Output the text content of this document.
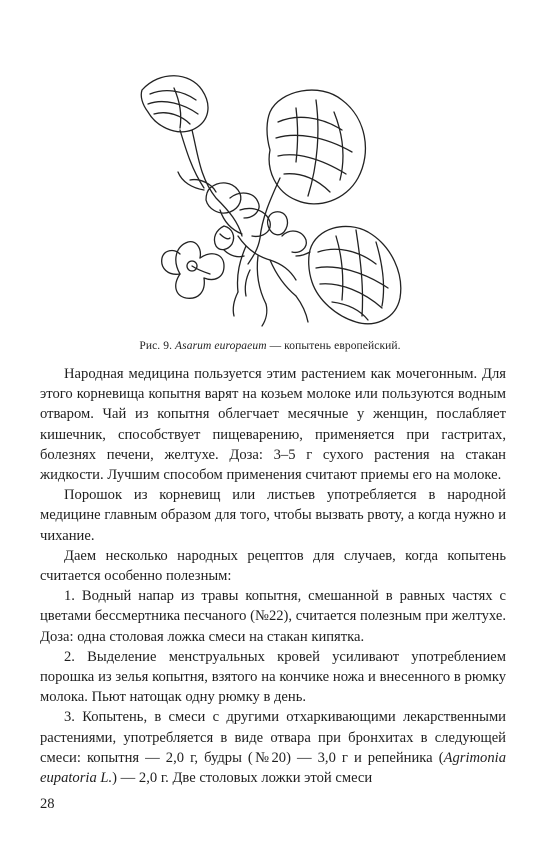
Рис. 9. Asarum europaeum — копытень европейский.

Народная медицина пользуется этим растением как мочегонным. Для этого корневища копытня варят на козьем молоке или пользуются водным отваром. Чай из копытня облегчает месячные у женщин, послабляет кишечник, способствует пищеварению, применяется при гастритах, болезнях печени, желтухе. Доза: 3–5 г сухого растения на стакан жидкости. Лучшим способом применения считают приемы его на молоке.

Порошок из корневищ или листьев употребляется в народной медицине главным образом для того, чтобы вызвать рвоту, а когда нужно и чихание.

Даем несколько народных рецептов для случаев, когда копытень считается особенно полезным:

1. Водный напар из травы копытня, смешанной в равных частях с цветами бессмертника песчаного (№22), считается полезным при желтухе. Доза: одна столовая ложка смеси на стакан кипятка.

2. Выделение менструальных кровей усиливают употреблением порошка из зелья копытня, взятого на кончике ножа и внесенного в рюмку молока. Пьют натощак одну рюмку в день.

3. Копытень, в смеси с другими отхаркивающими лекарственными растениями, употребляется в виде отвара при бронхитах в следующей смеси: копытня — 2,0 г, будры (№20) — 3,0 г и репейника (Agrimonia eupatoria L.) — 2,0 г. Две столовых ложки этой смеси

28
